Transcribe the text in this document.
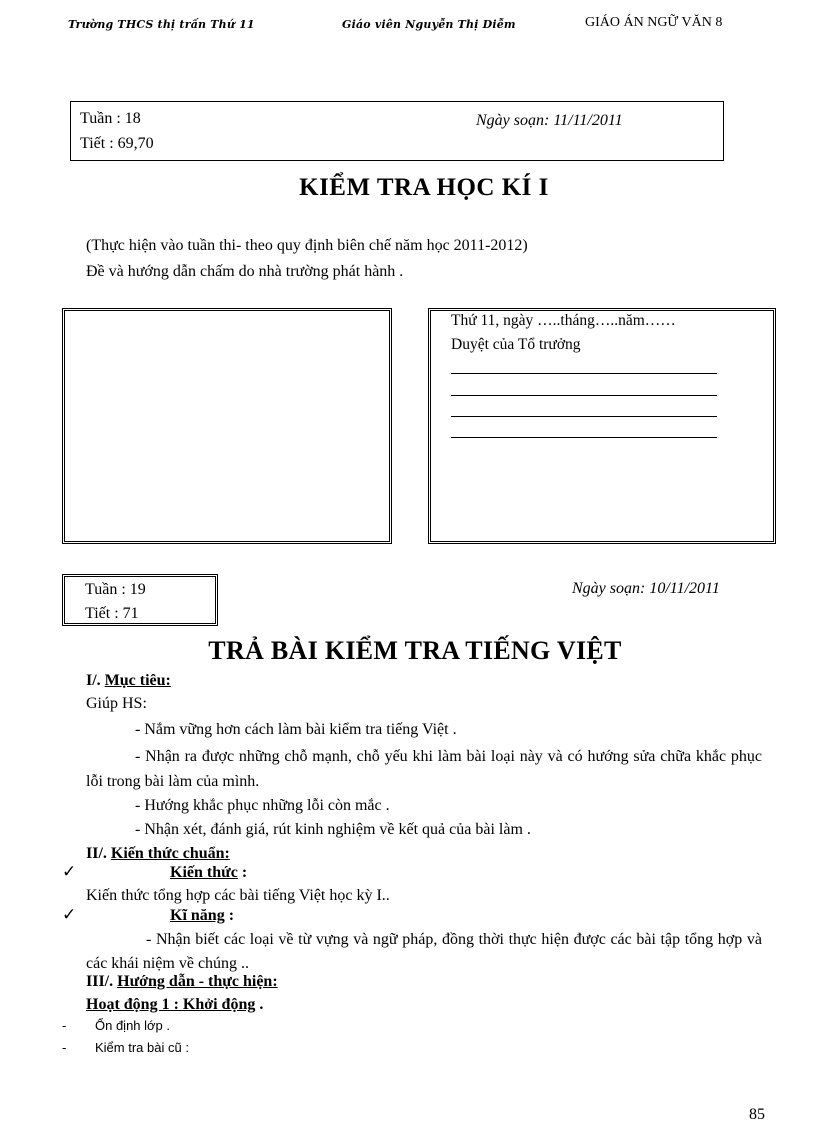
Trường THCS thị trấn Thứ 11	Giáo viên Nguyễn Thị Diễm	GIÁO ÁN NGỮ VĂN 8
Tuần : 18
Tiết : 69,70
Ngày soạn: 11/11/2011
KIỂM TRA HỌC KÍ I
(Thực hiện vào tuần thi- theo quy định biên chế năm học 2011-2012)
Đề và hướng dẫn chấm do nhà trường phát hành .
Thứ 11, ngày …..tháng…..năm……
Duyệt của Tổ trưởng
Tuần : 19
Tiết : 71
Ngày soạn: 10/11/2011
TRẢ BÀI KIỂM TRA TIẾNG VIỆT
I/. Mục tiêu:
Giúp HS:
- Nắm vững hơn cách làm bài kiểm tra tiếng Việt .
- Nhận ra được những chỗ mạnh, chỗ yếu khi làm bài loại này và có hướng sửa chữa khắc phục lỗi trong bài làm của mình.
- Hướng khắc phục những lỗi còn mắc .
- Nhận xét, đánh giá, rút kinh nghiệm về kết quả của bài làm .
II/. Kiến thức chuẩn:
✓	Kiến thức :
Kiến thức tổng hợp các bài tiếng Việt học kỳ I..
✓	Kĩ năng :
- Nhận biết các loại về từ vựng và ngữ pháp, đồng thời thực hiện được các bài tập tổng hợp và các khái niệm về chúng ..
III/. Hướng dẫn - thực hiện:
Hoạt động 1 : Khởi động .
- Ổn định lớp .
- Kiểm tra bài cũ :
85
